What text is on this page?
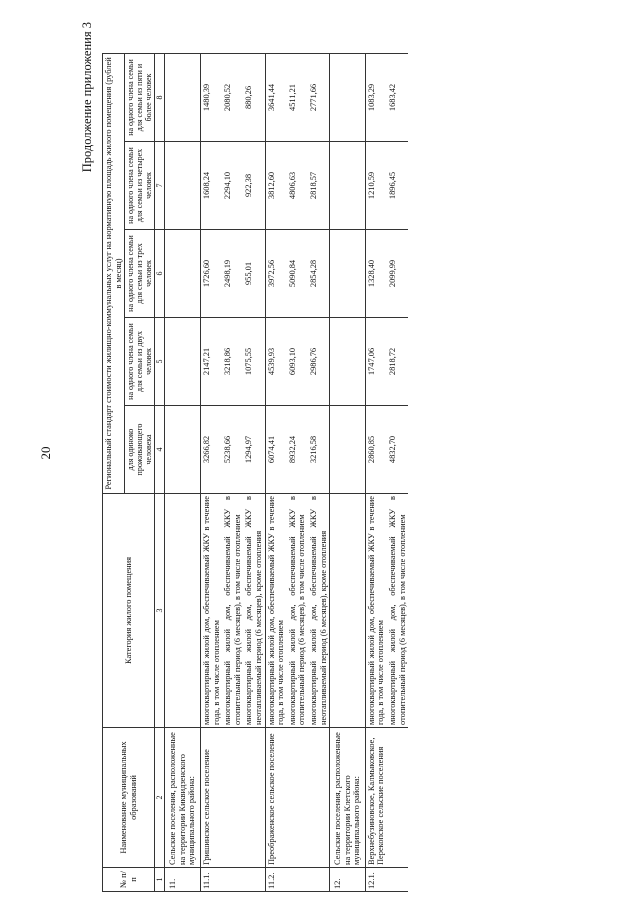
20
Продолжение приложения 3
№ п/п	Наименование муниципальных образований	Категория жилого помещения	Региональный стандарт стоимости жилищно-коммунальных услуг на нормативную площадь жилого помещения (рублей в месяц)				
			для одиноко проживающего человека	на одного члена семьи для семьи из двух человек	на одного члена семьи для семьи из трех человек	на одного члена семьи для семьи из четырех человек	на одного члена семьи для семьи из пяти и более человек
1	2	3	4	5	6	7	8
11.	Сельские поселения, расположенные на территории Киквидзенского муниципального района:						
11.1.	Гришинское сельское поселение	многоквартирный жилой дом, обеспечиваемый ЖКУ в течение года, в том числе отоплением	3266,82	2147,21	1726,60	1608,24	1480,39
		многоквартирный жилой дом, обеспечиваемый ЖКУ в отопительный период (6 месяцев), в том числе отоплением	5238,66	3218,86	2498,19	2294,10	2080,52
		многоквартирный жилой дом, обеспечиваемый ЖКУ в неотапливаемый период (6 месяцев), кроме отопления	1294,97	1075,55	955,01	922,38	880,26
11.2.	Преображенское сельское поселение	многоквартирный жилой дом, обеспечиваемый ЖКУ в течение года, в том числе отоплением	6074,41	4539,93	3972,56	3812,60	3641,44
		многоквартирный жилой дом, обеспечиваемый ЖКУ в отопительный период (6 месяцев), в том числе отоплением	8932,24	6093,10	5090,84	4806,63	4511,21
		многоквартирный жилой дом, обеспечиваемый ЖКУ в неотапливаемый период (6 месяцев), кроме отопления	3216,58	2986,76	2854,28	2818,57	2771,66
12.	Сельские поселения, расположенные на территории Клетского муниципального района:						
12.1.	Верхнебузиновское, Калмыковское, Перекопское сельские поселения	многоквартирный жилой дом, обеспечиваемый ЖКУ в течение года, в том числе отоплением	2860,85	1747,06	1328,40	1210,59	1083,29
		многоквартирный жилой дом, обеспечиваемый ЖКУ в отопительный период (6 месяцев), в том числе отоплением	4832,70	2818,72	2099,99	1896,45	1683,42
